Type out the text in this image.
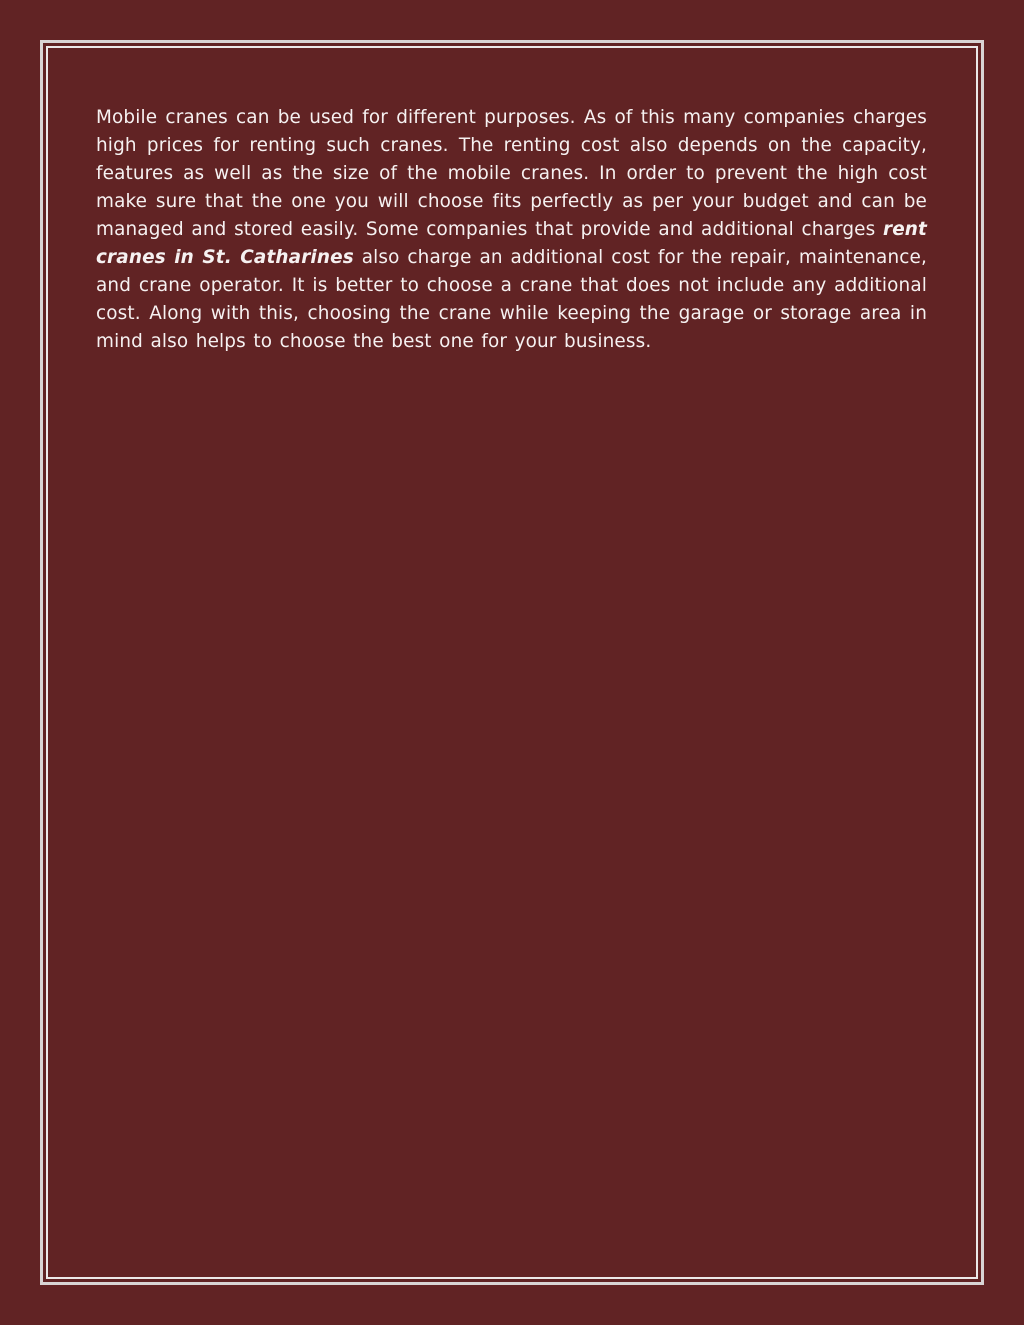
Mobile cranes can be used for different purposes. As of this many companies charges high prices for renting such cranes. The renting cost also depends on the capacity, features as well as the size of the mobile cranes. In order to prevent the high cost make sure that the one you will choose fits perfectly as per your budget and can be managed and stored easily. Some companies that provide and additional charges rent cranes in St. Catharines also charge an additional cost for the repair, maintenance, and crane operator. It is better to choose a crane that does not include any additional cost. Along with this, choosing the crane while keeping the garage or storage area in mind also helps to choose the best one for your business.
